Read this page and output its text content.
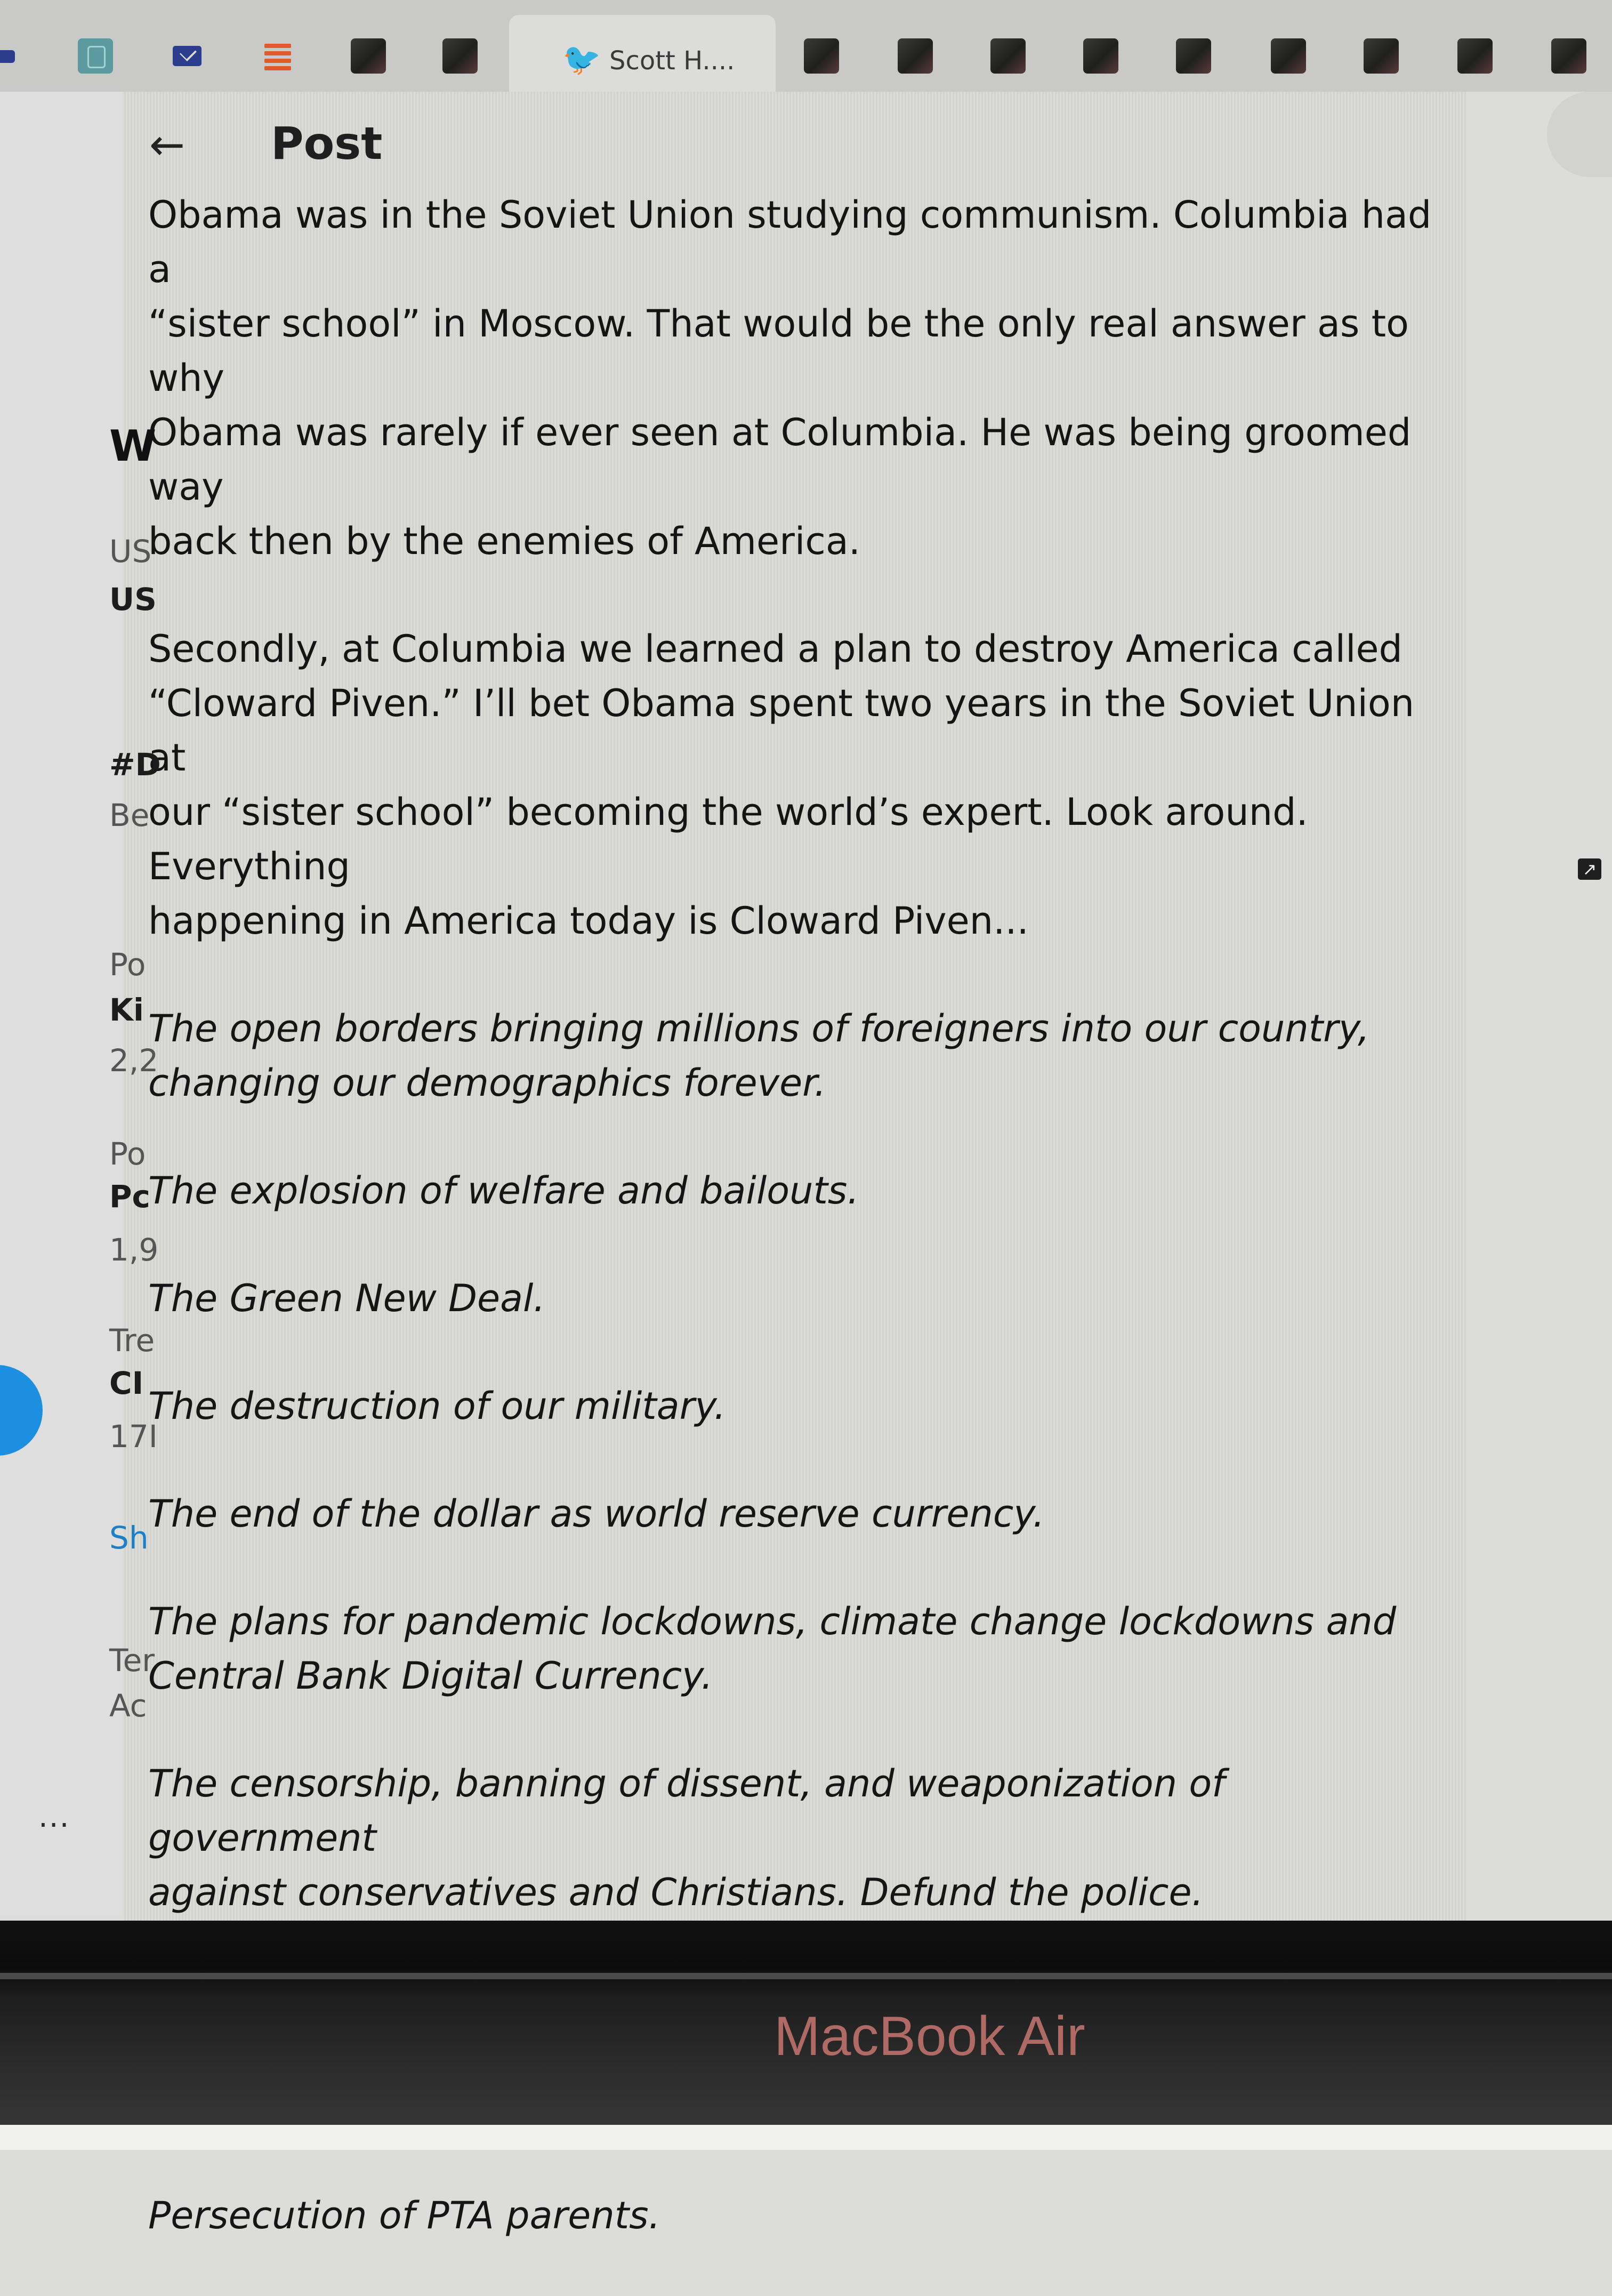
🐦 Scott H....
...
← Post

Obama was in the Soviet Union studying communism. Columbia had a
“sister school” in Moscow. That would be the only real answer as to why
Obama was rarely if ever seen at Columbia. He was being groomed way
back then by the enemies of America.

Secondly, at Columbia we learned a plan to destroy America called
“Cloward Piven.” I’ll bet Obama spent two years in the Soviet Union at
our “sister school” becoming the world’s expert. Look around. Everything
happening in America today is Cloward Piven...

The open borders bringing millions of foreigners into our country,
changing our demographics forever.

The explosion of welfare and bailouts.

The Green New Deal.

The destruction of our military.

The end of the dollar as world reserve currency.

The plans for pandemic lockdowns, climate change lockdowns and
Central Bank Digital Currency.

The censorship, banning of dissent, and weaponization of government
against conservatives and Christians. Defund the police.

Persecution of PTA parents.

W
US
US
#D
Be
↗
Po
Ki
2,2
Po
Pc
1,9
Tre
CI
17I
Sh
Ter
Ac
MacBook Air
